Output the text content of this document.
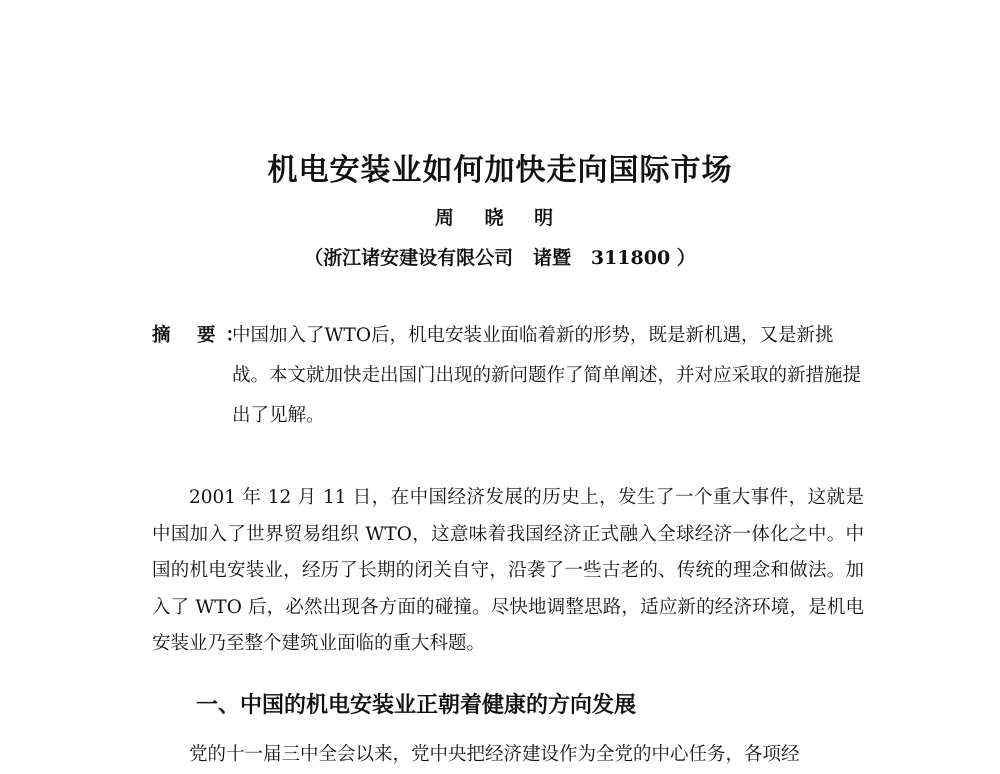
机电安装业如何加快走向国际市场
周 晓 明
（浙江诸安建设有限公司   诸暨   311800 ）
摘 要：
中国加入了WTO后，机电安装业面临着新的形势，既是新机遇，又是新挑战。本文就加快走出国门出现的新问题作了简单阐述，并对应采取的新措施提出了见解。
2001 年 12 月 11 日，在中国经济发展的历史上，发生了一个重大事件，这就是中国加入了世界贸易组织 WTO，这意味着我国经济正式融入全球经济一体化之中。中国的机电安装业，经历了长期的闭关自守，沿袭了一些古老的、传统的理念和做法。加入了 WTO 后，必然出现各方面的碰撞。尽快地调整思路，适应新的经济环境，是机电安装业乃至整个建筑业面临的重大科题。
一、中国的机电安装业正朝着健康的方向发展
党的十一届三中全会以来，党中央把经济建设作为全党的中心任务，各项经
